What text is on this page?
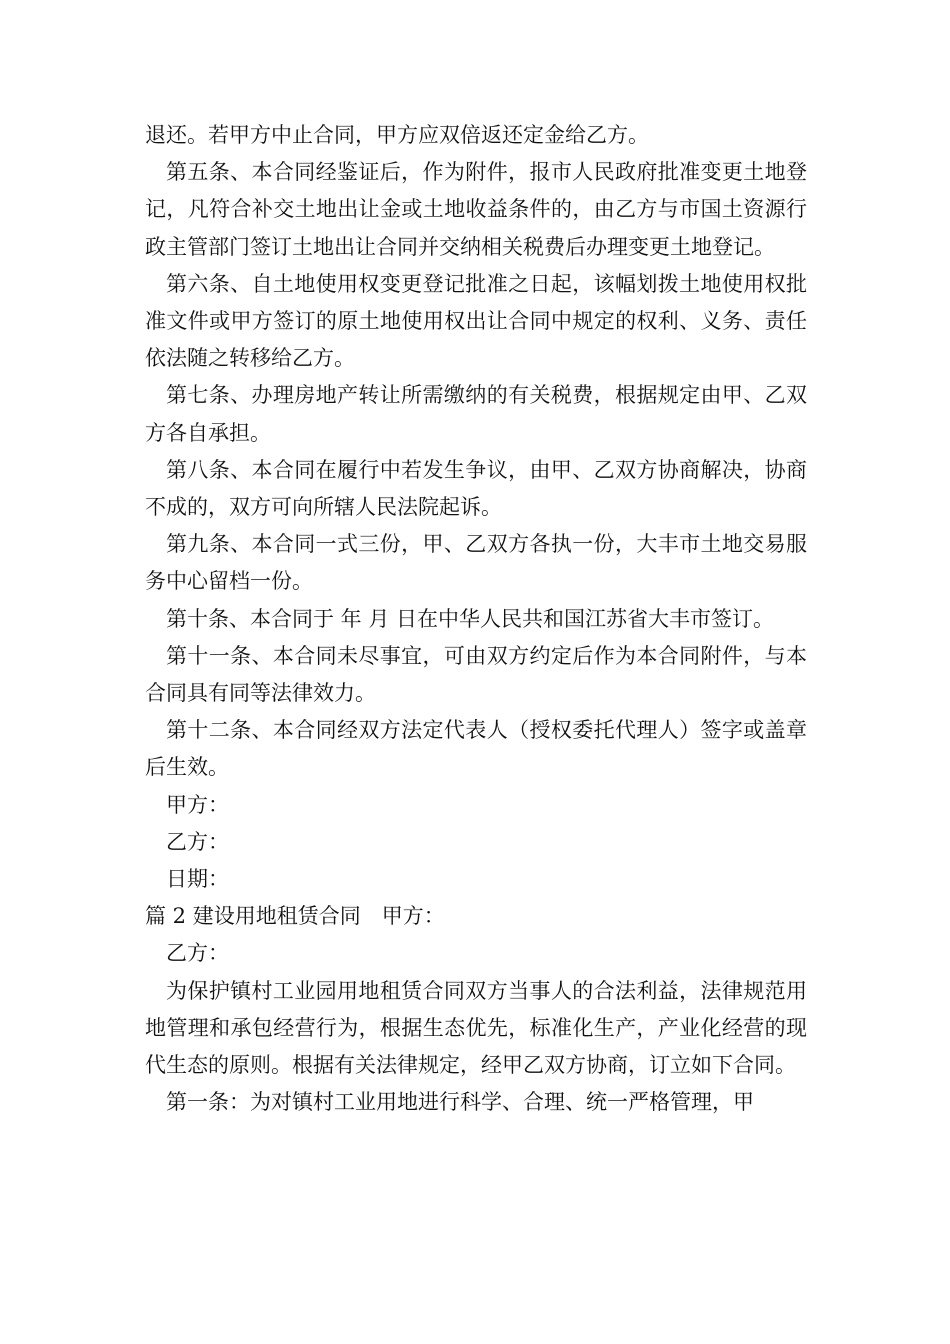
退还。若甲方中止合同，甲方应双倍返还定金给乙方。

第五条、本合同经鉴证后，作为附件，报市人民政府批准变更土地登记，凡符合补交土地出让金或土地收益条件的，由乙方与市国土资源行政主管部门签订土地出让合同并交纳相关税费后办理变更土地登记。

第六条、自土地使用权变更登记批准之日起，该幅划拨土地使用权批准文件或甲方签订的原土地使用权出让合同中规定的权利、义务、责任依法随之转移给乙方。

第七条、办理房地产转让所需缴纳的有关税费，根据规定由甲、乙双方各自承担。

第八条、本合同在履行中若发生争议，由甲、乙双方协商解决，协商不成的，双方可向所辖人民法院起诉。

第九条、本合同一式三份，甲、乙双方各执一份，大丰市土地交易服务中心留档一份。

第十条、本合同于 年 月 日在中华人民共和国江苏省大丰市签订。

第十一条、本合同未尽事宜，可由双方约定后作为本合同附件，与本合同具有同等法律效力。

第十二条、本合同经双方法定代表人（授权委托代理人）签字或盖章后生效。

甲方：

乙方：

日期：

篇 2 建设用地租赁合同　甲方：

乙方：

为保护镇村工业园用地租赁合同双方当事人的合法利益，法律规范用地管理和承包经营行为，根据生态优先，标准化生产，产业化经营的现代生态的原则。根据有关法律规定，经甲乙双方协商，订立如下合同。

第一条：为对镇村工业用地进行科学、合理、统一严格管理，甲
